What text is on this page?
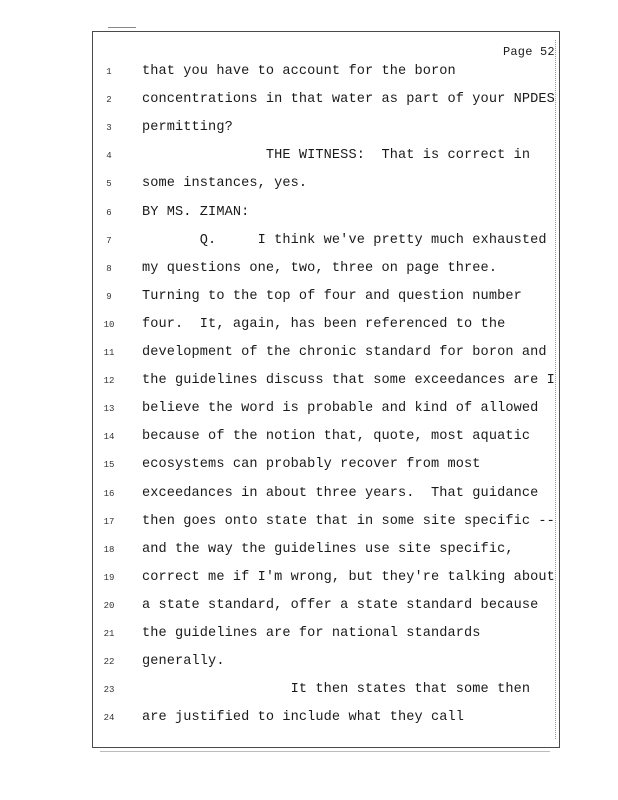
Page 52
1	that you have to account for the boron
2	concentrations in that water as part of your NPDES
3	permitting?
4	THE WITNESS:  That is correct in
5	some instances, yes.
6	BY MS. ZIMAN:
7	Q.     I think we've pretty much exhausted
8	my questions one, two, three on page three.
9	Turning to the top of four and question number
10	four.  It, again, has been referenced to the
11	development of the chronic standard for boron and
12	the guidelines discuss that some exceedances are I
13	believe the word is probable and kind of allowed
14	because of the notion that, quote, most aquatic
15	ecosystems can probably recover from most
16	exceedances in about three years.  That guidance
17	then goes onto state that in some site specific --
18	and the way the guidelines use site specific,
19	correct me if I'm wrong, but they're talking about
20	a state standard, offer a state standard because
21	the guidelines are for national standards
22	generally.
23	It then states that some then
24	are justified to include what they call
